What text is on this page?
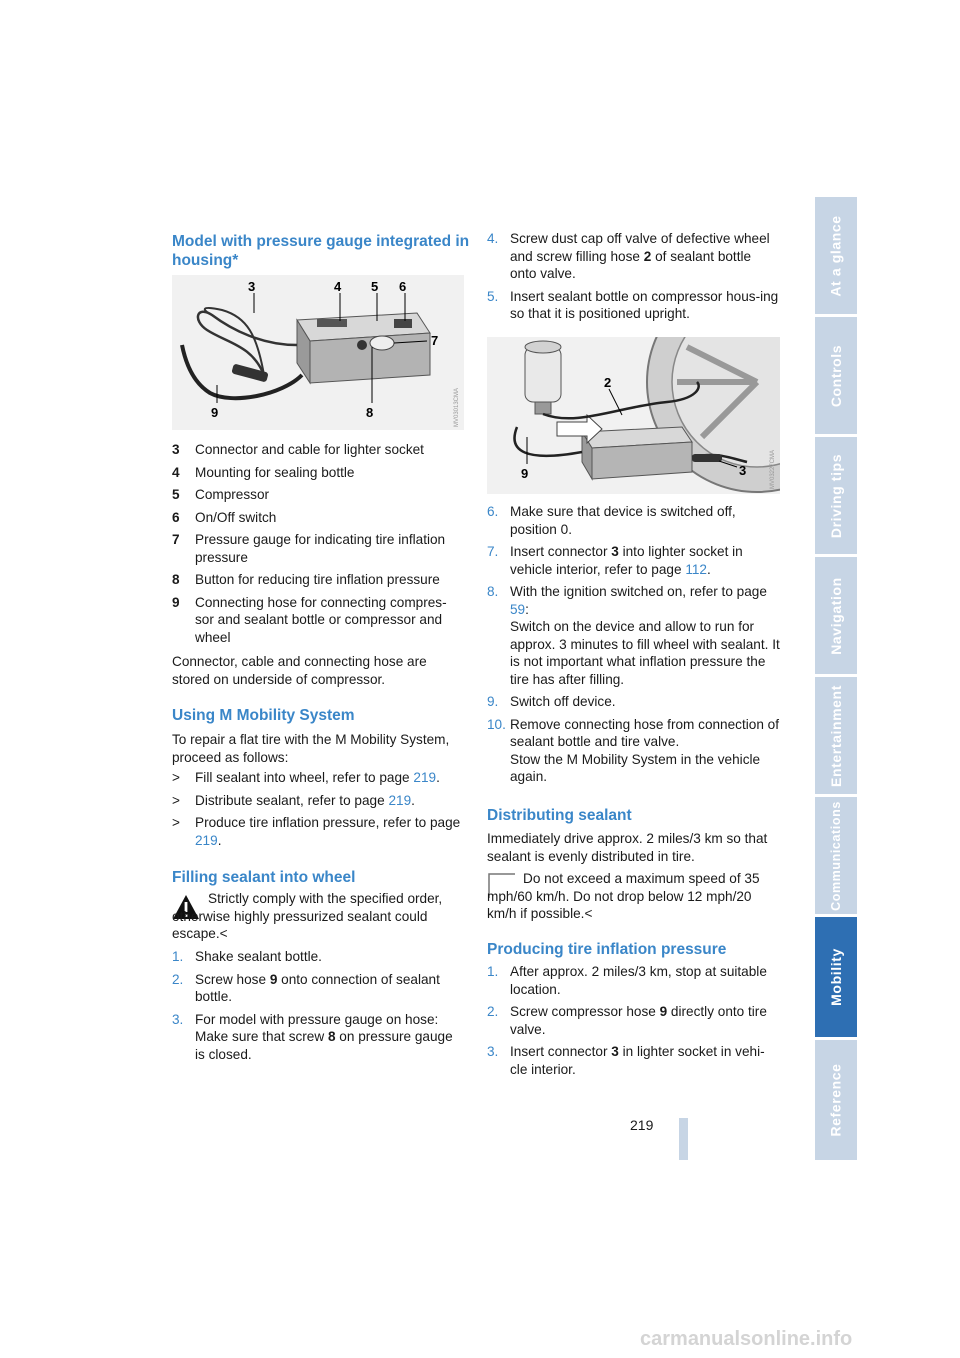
At a glance
Controls
Driving tips
Navigation
Entertainment
Communications
Mobility
Reference
219
Model with pressure gauge integrated in housing*
3	4 5 6
7
8
9	MV03013CMA
3 Connector and cable for lighter socket
4 Mounting for sealing bottle
5 Compressor
6 On/Off switch
7 Pressure gauge for indicating tire inflation pressure
8 Button for reducing tire inflation pressure
9 Connecting hose for connecting compres-sor and sealant bottle or compressor and wheel

Connector, cable and connecting hose are stored on underside of compressor.

Using M Mobility System

To repair a flat tire with the M Mobility System, proceed as follows:

> Fill sealant into wheel, refer to page 219.
> Distribute sealant, refer to page 219.
> Produce tire inflation pressure, refer to page 219.
Filling sealant into wheel

Strictly comply with the specified order, otherwise highly pressurized sealant could escape.<

1. Shake sealant bottle.
2. Screw hose 9 onto connection of sealant bottle.
3. For model with pressure gauge on hose: Make sure that screw 8 on pressure gauge is closed.
4. Screw dust cap off valve of defective wheel and screw filling hose 2 of sealant bottle onto valve.
5. Insert sealant bottle on compressor hous-ing so that it is positioned upright.
2
3
9	MV03227CMA
6. Make sure that device is switched off, position 0.
7. Insert connector 3 into lighter socket in vehicle interior, refer to page 112.
8. With the ignition switched on, refer to page 59:
Switch on the device and allow to run for approx. 3 minutes to fill wheel with sealant. It is not important what inflation pressure the tire has after filling.
9. Switch off device.
10. Remove connecting hose from connection of sealant bottle and tire valve.
Stow the M Mobility System in the vehicle again.
Distributing sealant

Immediately drive approx. 2 miles/3 km so that sealant is evenly distributed in tire.

Do not exceed a maximum speed of 35 mph/60 km/h. Do not drop below 12 mph/20 km/h if possible.<

Producing tire inflation pressure
1. After approx. 2 miles/3 km, stop at suitable location.
2. Screw compressor hose 9 directly onto tire valve.
3. Insert connector 3 in lighter socket in vehi-cle interior.
carmanualsonline.info
